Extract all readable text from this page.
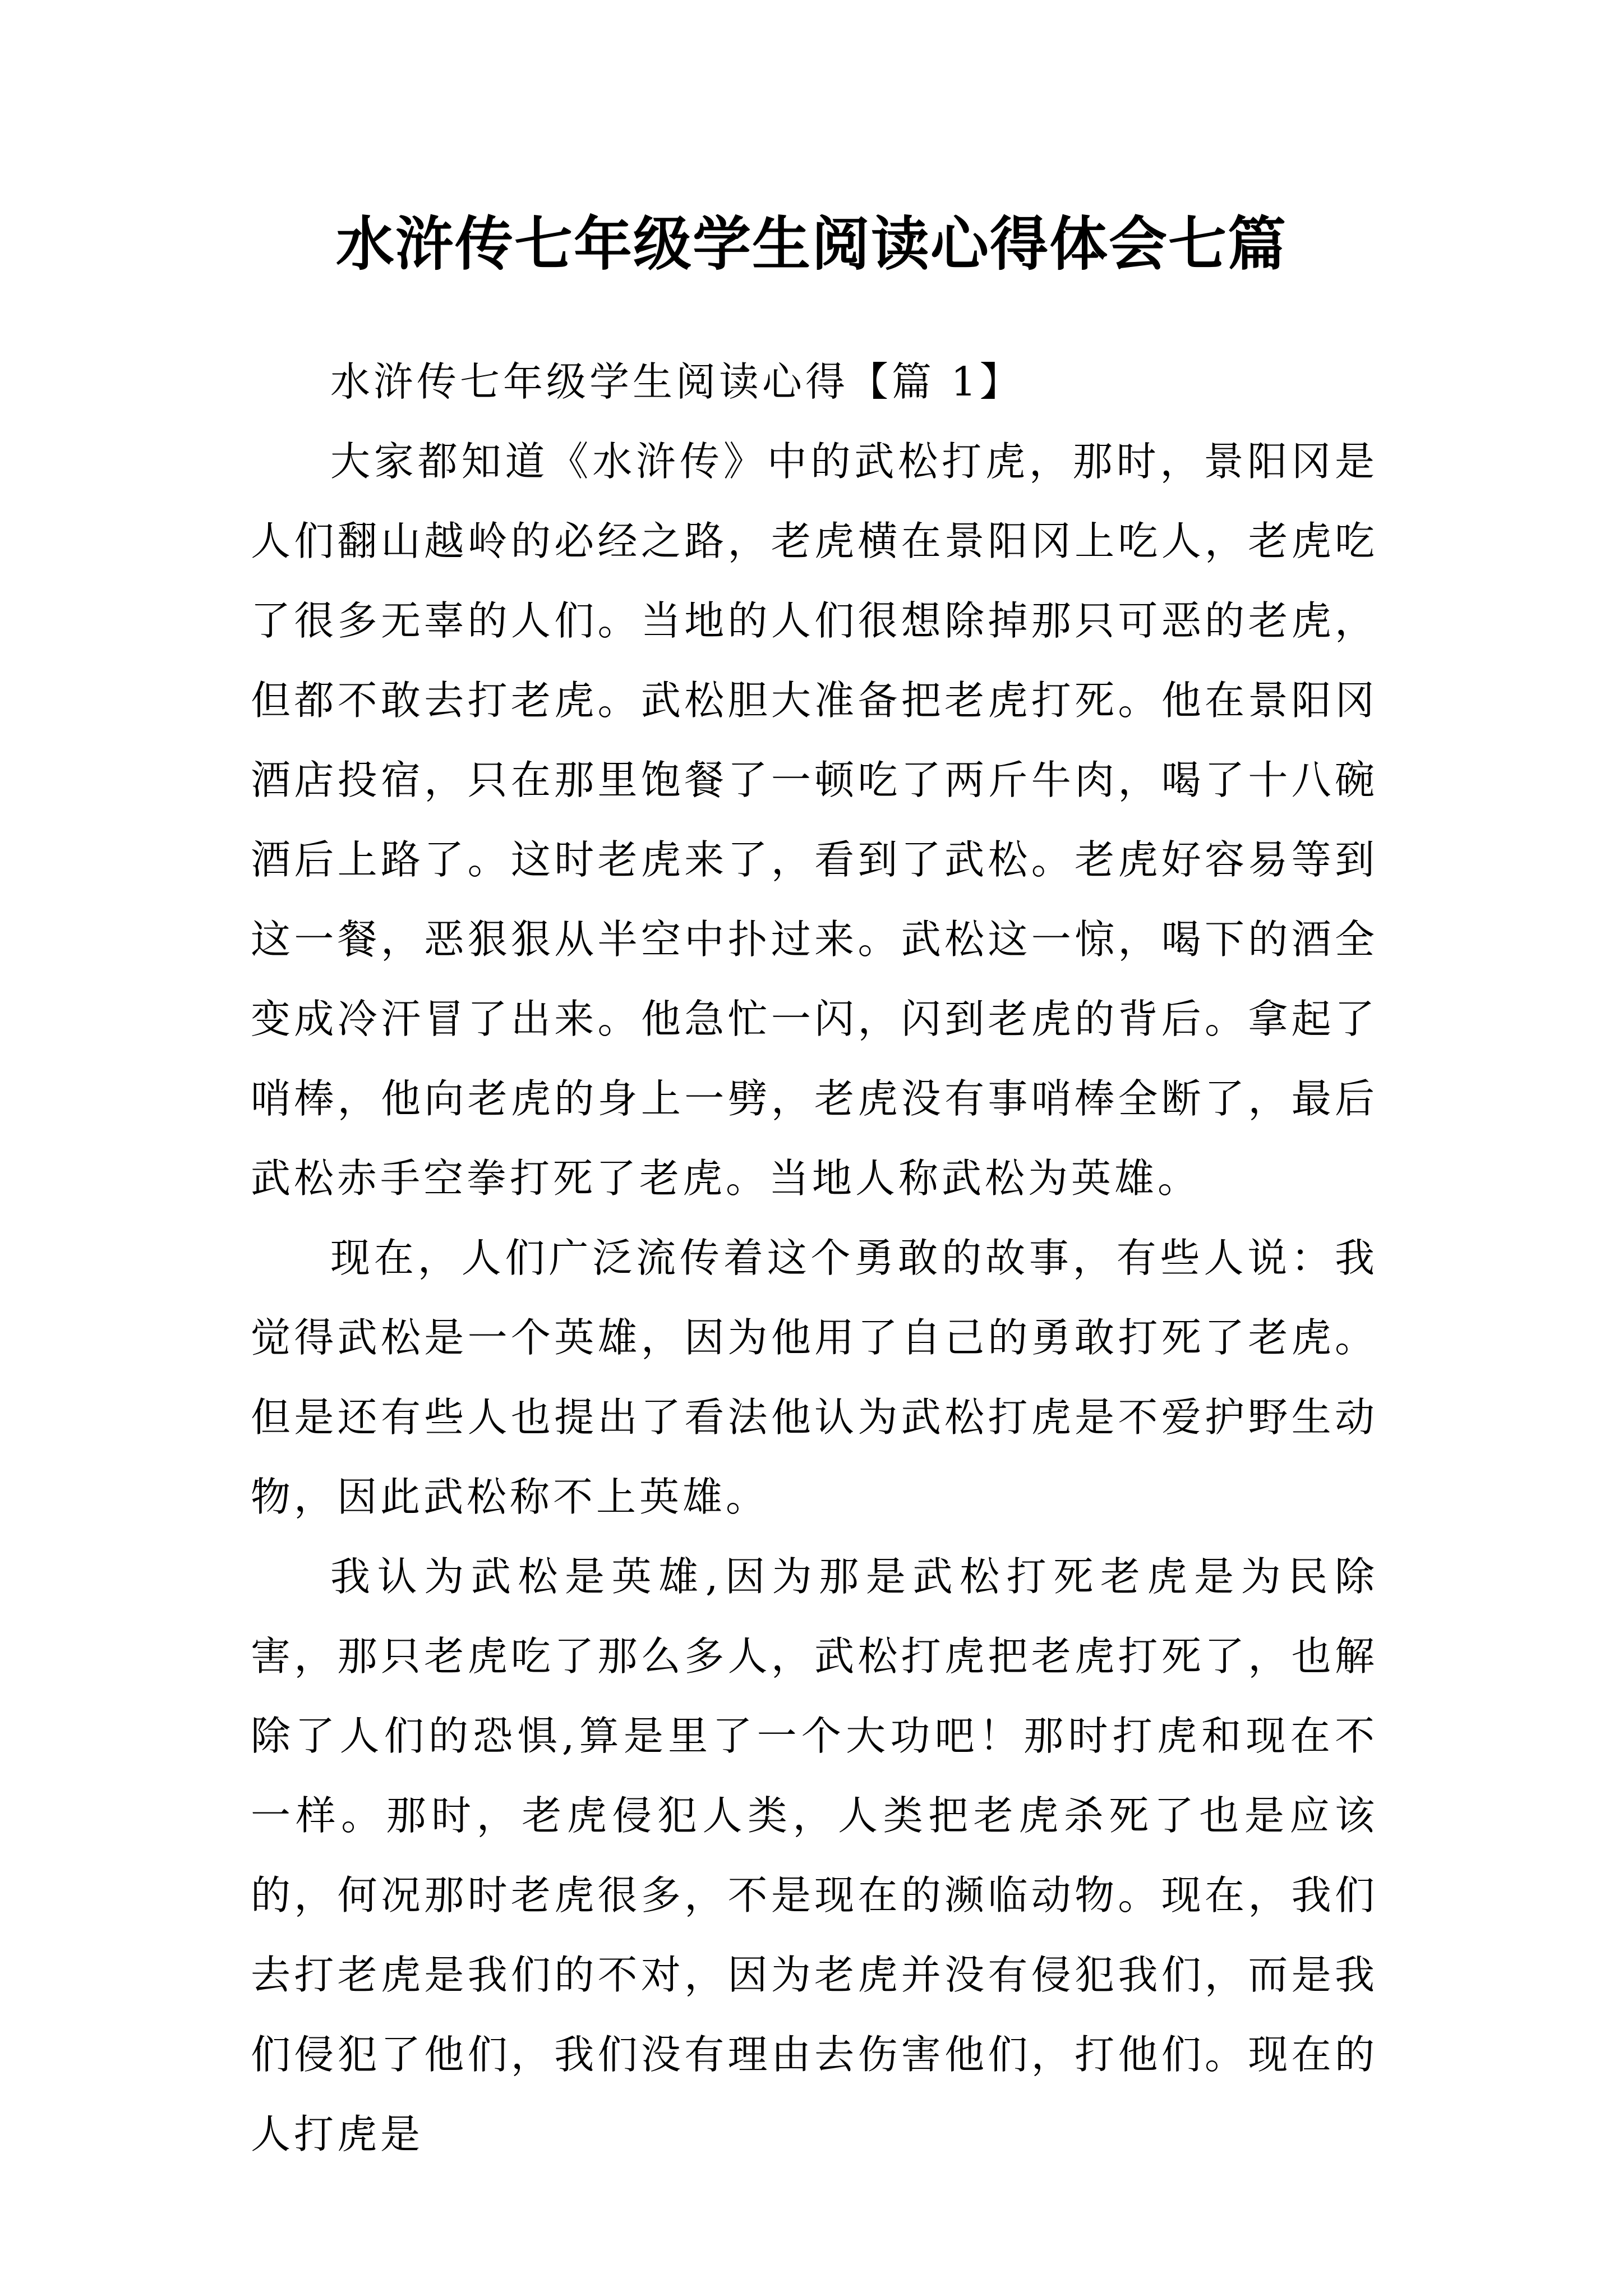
水浒传七年级学生阅读心得体会七篇

水浒传七年级学生阅读心得【篇 1】

大家都知道《水浒传》中的武松打虎，那时，景阳冈是人们翻山越岭的必经之路，老虎横在景阳冈上吃人，老虎吃了很多无辜的人们。当地的人们很想除掉那只可恶的老虎，但都不敢去打老虎。武松胆大准备把老虎打死。他在景阳冈酒店投宿，只在那里饱餐了一顿吃了两斤牛肉，喝了十八碗酒后上路了。这时老虎来了，看到了武松。老虎好容易等到这一餐，恶狠狠从半空中扑过来。武松这一惊，喝下的酒全变成冷汗冒了出来。他急忙一闪，闪到老虎的背后。拿起了哨棒，他向老虎的身上一劈，老虎没有事哨棒全断了，最后武松赤手空拳打死了老虎。当地人称武松为英雄。

现在，人们广泛流传着这个勇敢的故事，有些人说：我觉得武松是一个英雄，因为他用了自己的勇敢打死了老虎。但是还有些人也提出了看法他认为武松打虎是不爱护野生动物，因此武松称不上英雄。

我认为武松是英雄,因为那是武松打死老虎是为民除害，那只老虎吃了那么多人，武松打虎把老虎打死了，也解除了人们的恐惧,算是里了一个大功吧！那时打虎和现在不一样。那时，老虎侵犯人类，人类把老虎杀死了也是应该的，何况那时老虎很多，不是现在的濒临动物。现在，我们去打老虎是我们的不对，因为老虎并没有侵犯我们，而是我们侵犯了他们，我们没有理由去伤害他们，打他们。现在的人打虎是
